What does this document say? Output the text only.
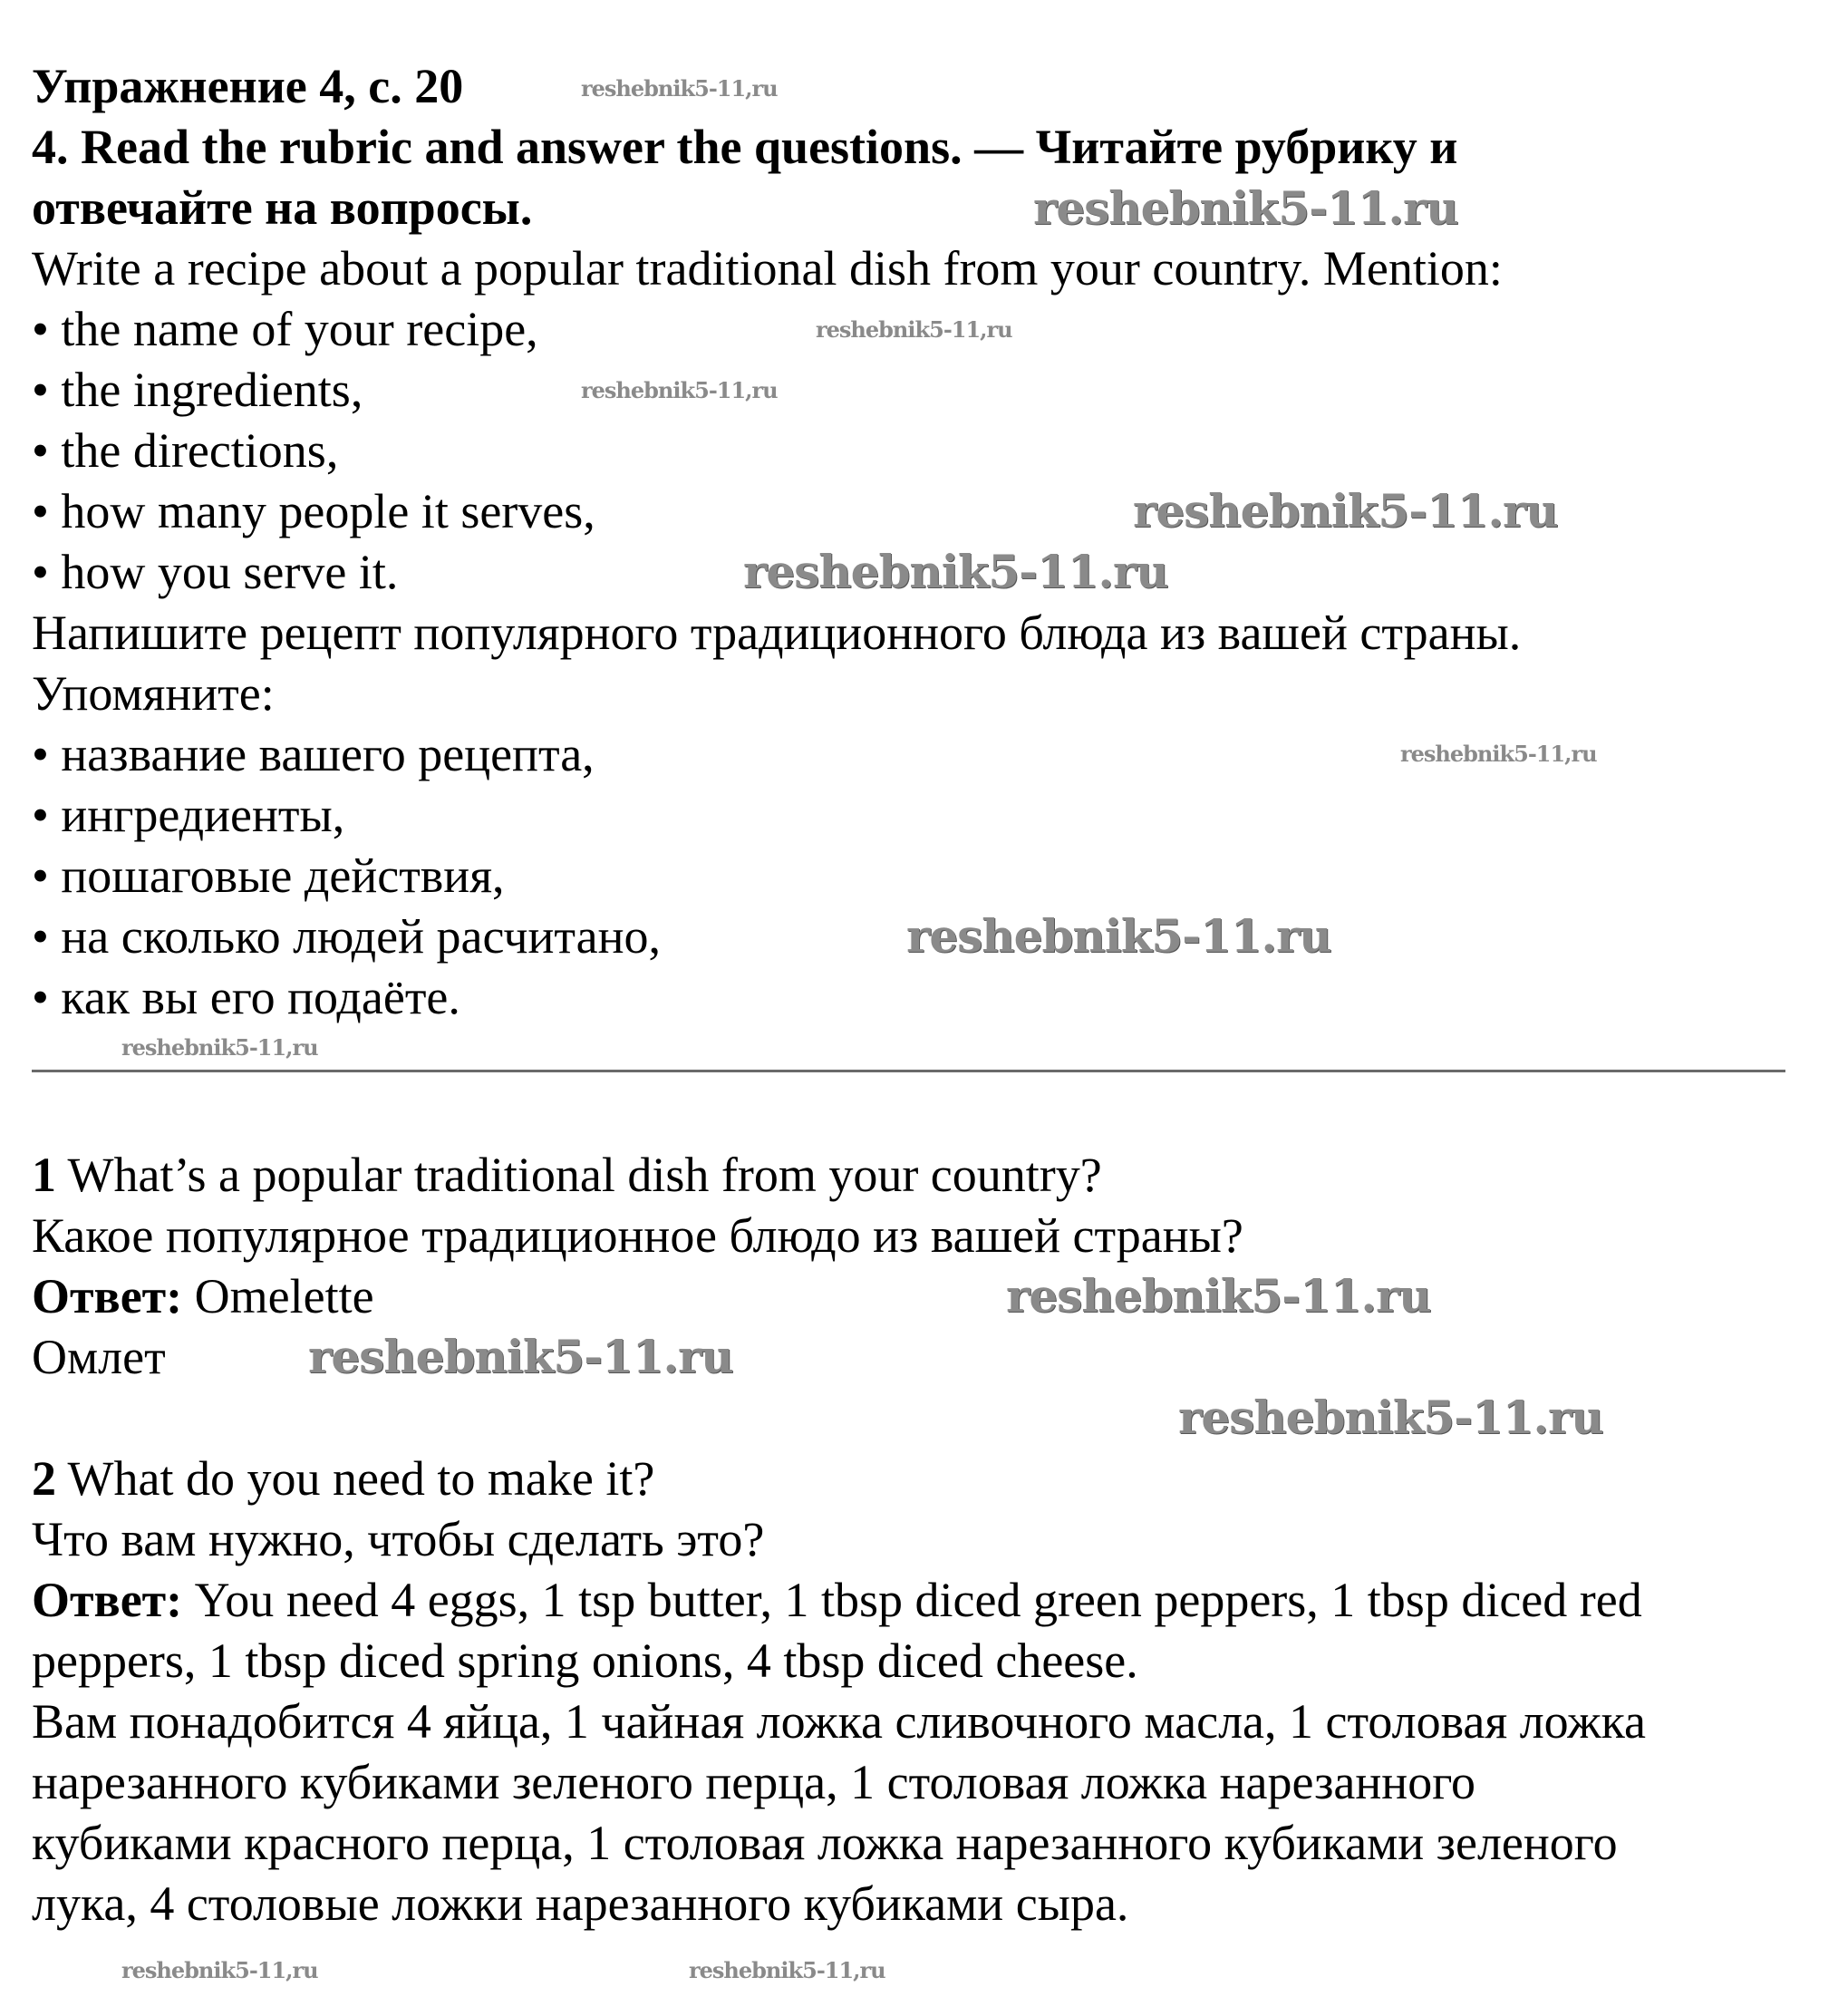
Упражнение 4, с. 20
4. Read the rubric and answer the questions. — Читайте рубрику и
отвечайте на вопросы.
Write a recipe about a popular traditional dish from your country. Mention:
• the name of your recipe,
• the ingredients,
• the directions,
• how many people it serves,
• how you serve it.
Напишите рецепт популярного традиционного блюда из вашей страны.
Упомяните:
• название вашего рецепта,
• ингредиенты,
• пошаговые действия,
• на сколько людей расчитано,
• как вы его подаёте.
1 What’s a popular traditional dish from your country?
Какое популярное традиционное блюдо из вашей страны?
Ответ: Omelette
Омлет
2 What do you need to make it?
Что вам нужно, чтобы сделать это?
Ответ: You need 4 eggs, 1 tsp butter, 1 tbsp diced green peppers, 1 tbsp diced red
peppers, 1 tbsp diced spring onions, 4 tbsp diced cheese.
Вам понадобится 4 яйца, 1 чайная ложка сливочного масла, 1 столовая ложка
нарезанного кубиками зеленого перца, 1 столовая ложка нарезанного
кубиками красного перца, 1 столовая ложка нарезанного кубиками зеленого
лука, 4 столовые ложки нарезанного кубиками сыра.
reshebnik5-11.ru
reshebnik5-11.ru
reshebnik5-11.ru
reshebnik5-11.ru
reshebnik5-11.ru
reshebnik5-11.ru
reshebnik5-11.ru
reshebnik5-11,ru
reshebnik5-11,ru
reshebnik5-11,ru
reshebnik5-11,ru
reshebnik5-11,ru
reshebnik5-11,ru
reshebnik5-11,ru
